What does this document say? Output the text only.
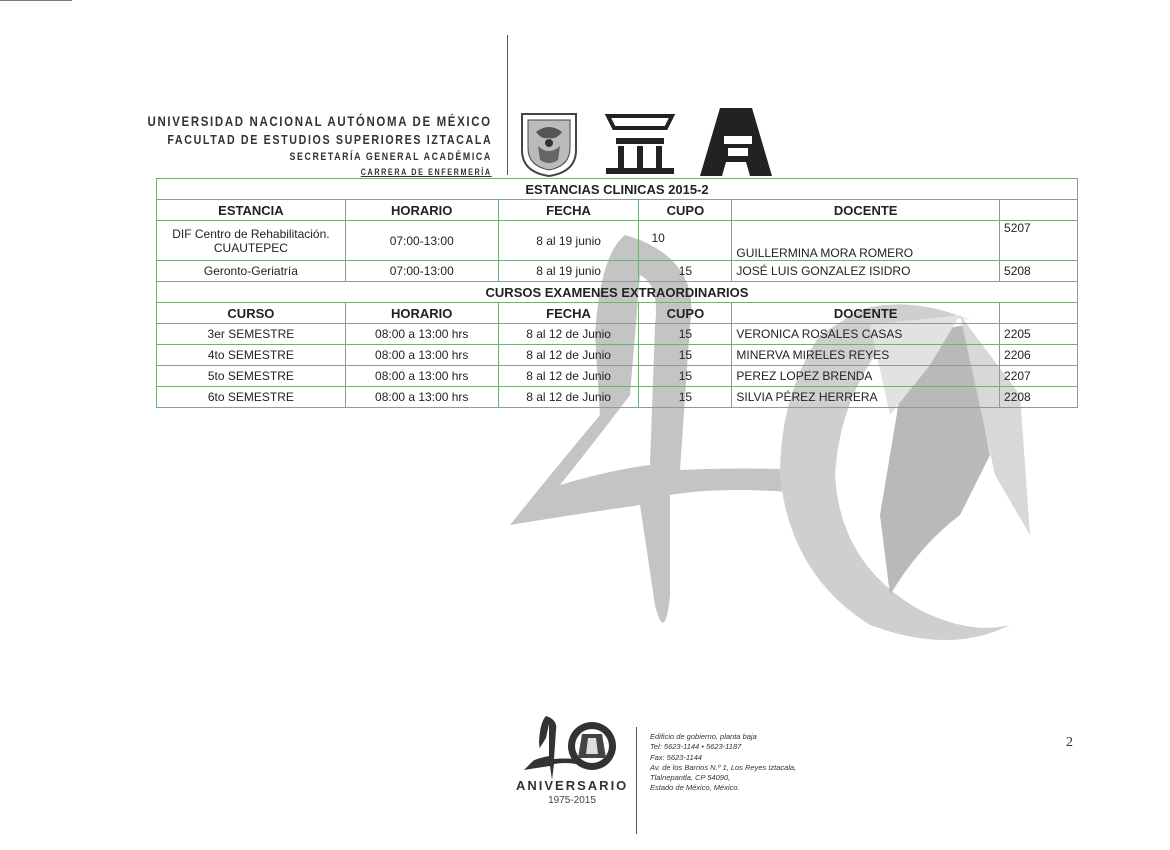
UNIVERSIDAD NACIONAL AUTÓNOMA DE MÉXICO
FACULTAD DE ESTUDIOS SUPERIORES IZTACALA
SECRETARÍA GENERAL ACADÉMICA
CARRERA DE ENFERMERÍA
ESTANCIAS CLINICAS 2015-2					
ESTANCIA	HORARIO	FECHA	CUPO	DOCENTE	

DIF Centro de Rehabilitación.
CUAUTEPEC	07:00-13:00	8 al 19 junio	10	GUILLERMINA MORA ROMERO	5207
Geronto-Geriatría	07:00-13:00	8 al 19 junio	15	JOSÉ LUIS GONZALEZ ISIDRO	5208
CURSOS EXAMENES EXTRAORDINARIOS					
CURSO	HORARIO	FECHA	CUPO	DOCENTE	
3er SEMESTRE	08:00 a 13:00 hrs	8 al 12 de Junio	15	VERONICA ROSALES CASAS	2205
4to SEMESTRE	08:00 a 13:00 hrs	8 al 12 de Junio	15	MINERVA MIRELES REYES	2206
5to SEMESTRE	08:00 a 13:00 hrs	8 al 12 de Junio	15	PEREZ LOPEZ BRENDA	2207
6to SEMESTRE	08:00 a 13:00 hrs	8 al 12 de Junio	15	SILVIA PÉREZ HERRERA	2208
ANIVERSARIO
1975-2015
Edificio de gobierno, planta baja
Tel: 5623-1144 • 5623-1187
Fax: 5623-1144
Av. de los Barrios N.º 1, Los Reyes Iztacala,
Tlalnepantla, CP 54090,
Estado de México, México.
2
